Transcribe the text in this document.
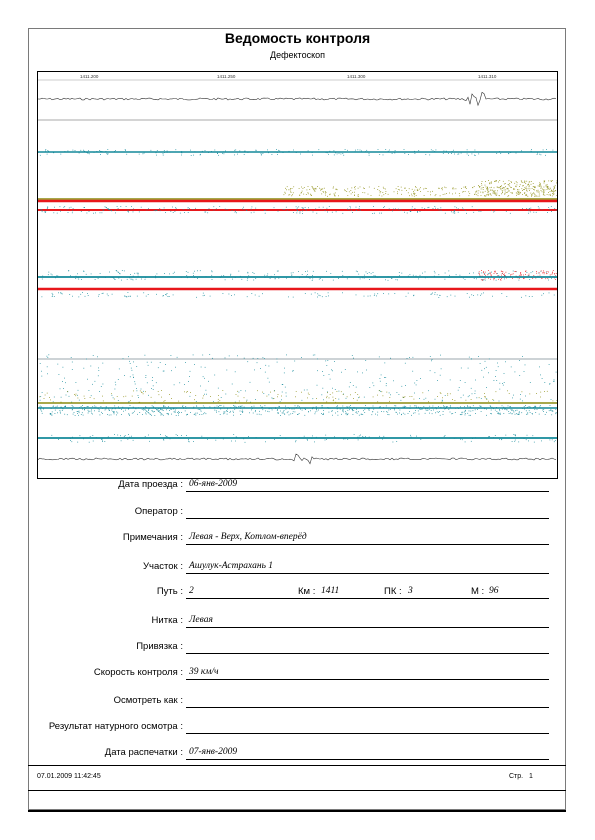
Ведомость контроля
Дефектоскоп
1411.200	1411.250	1411.300	1411.310
Дата проезда : 06-янв-2009
Оператор :
Примечания : Левая - Верх, Котлом-вперёд
Участок : Ашулук-Астрахань 1
Путь : 2	Км : 1411	ПК : 3	М : 96
Нитка : Левая
Привязка :
Скорость контроля : 39 км/ч
Осмотреть как :
Результат натурного осмотра :
Дата распечатки : 07-янв-2009
07.01.2009 11:42:45	Стр. 1
